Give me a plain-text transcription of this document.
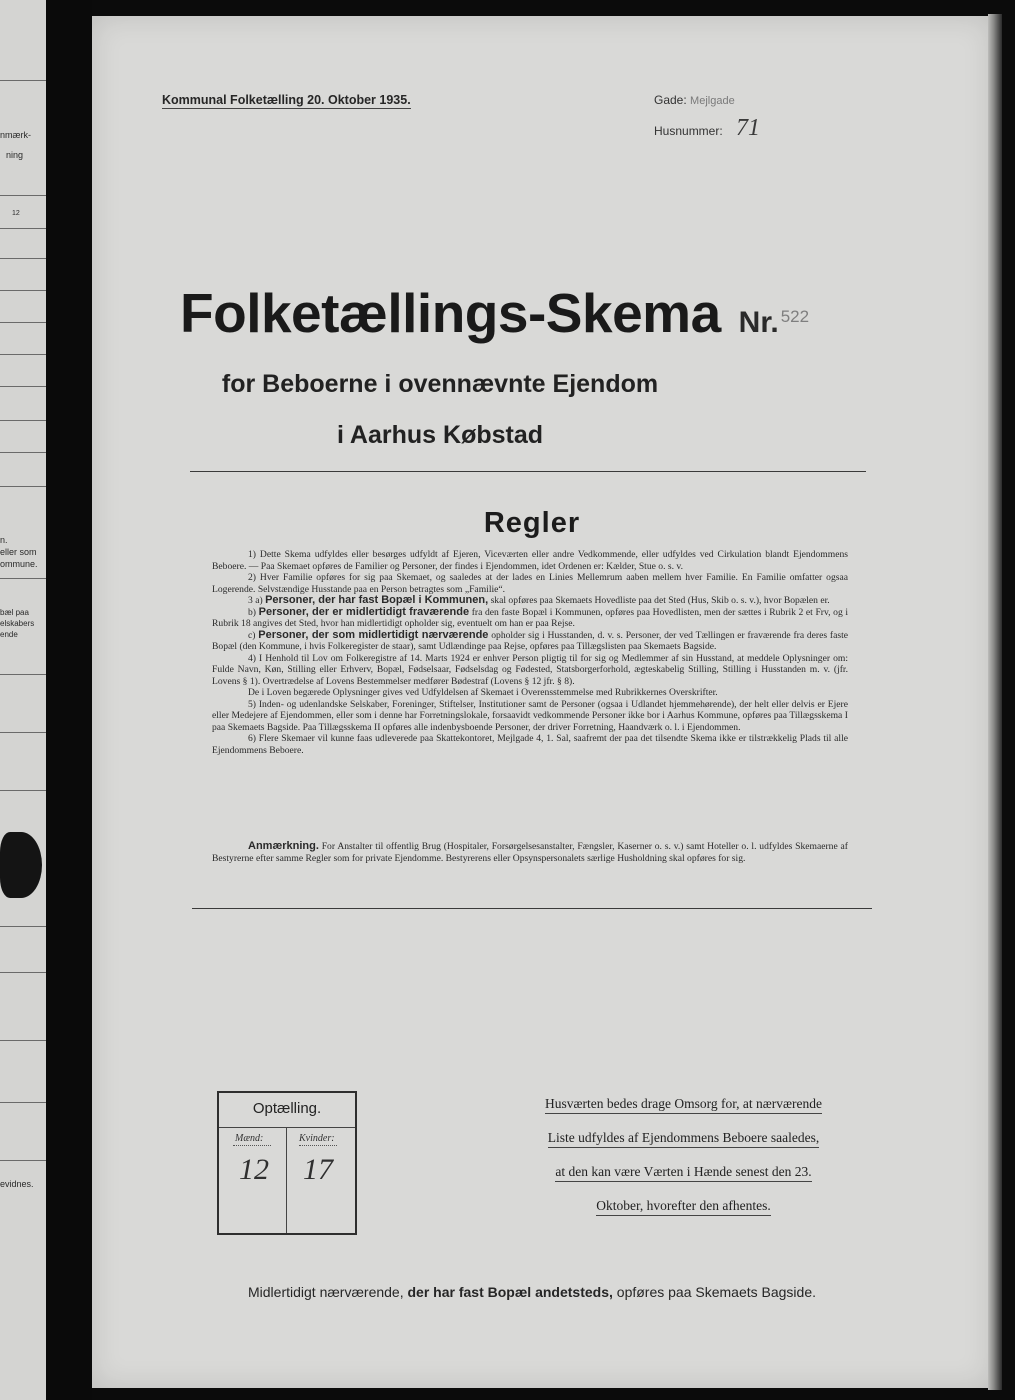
nmærk-
ning
12
n.
eller som
ommune.
bæl paa
elskabers
ende
evidnes.
Kommunal Folketælling 20. Oktober 1935.	Gade: Mejlgade
Husnummer: 71
Folketællings-Skema Nr. 522
for Beboerne i ovennævnte Ejendom
i Aarhus Købstad
Regler

1) Dette Skema udfyldes eller besørges udfyldt af Ejeren, Viceværten eller andre Vedkommende, eller udfyldes ved Cirkulation blandt Ejendommens Beboere. — Paa Skemaet opføres de Familier og Personer, der findes i Ejendommen, idet Ordenen er: Kælder, Stue o. s. v.

2) Hver Familie opføres for sig paa Skemaet, og saaledes at der lades en Linies Mellemrum aaben mellem hver Familie. En Familie omfatter ogsaa Logerende. Selvstændige Husstande paa en Person betragtes som „Familie“.

3 a) Personer, der har fast Bopæl i Kommunen, skal opføres paa Skemaets Hovedliste paa det Sted (Hus, Skib o. s. v.), hvor Bopælen er.

b) Personer, der er midlertidigt fraværende fra den faste Bopæl i Kommunen, opføres paa Hovedlisten, men der sættes i Rubrik 2 et Frv, og i Rubrik 18 angives det Sted, hvor han midlertidigt opholder sig, eventuelt om han er paa Rejse.

c) Personer, der som midlertidigt nærværende opholder sig i Husstanden, d. v. s. Personer, der ved Tællingen er fraværende fra deres faste Bopæl (den Kommune, i hvis Folkeregister de staar), samt Udlændinge paa Rejse, opføres paa Tillægslisten paa Skemaets Bagside.

4) I Henhold til Lov om Folkeregistre af 14. Marts 1924 er enhver Person pligtig til for sig og Medlemmer af sin Husstand, at meddele Oplysninger om: Fulde Navn, Køn, Stilling eller Erhverv, Bopæl, Fødselsaar, Fødselsdag og Fødested, Statsborgerforhold, ægteskabelig Stilling, Stilling i Husstanden m. v. (jfr. Lovens § 1). Overtrædelse af Lovens Bestemmelser medfører Bødestraf (Lovens § 12 jfr. § 8).

De i Loven begærede Oplysninger gives ved Udfyldelsen af Skemaet i Overensstemmelse med Rubrikkernes Overskrifter.

5) Inden- og udenlandske Selskaber, Foreninger, Stiftelser, Institutioner samt de Personer (ogsaa i Udlandet hjemmehørende), der helt eller delvis er Ejere eller Medejere af Ejendommen, eller som i denne har Forretningslokale, forsaavidt vedkommende Personer ikke bor i Aarhus Kommune, opføres paa Tillægsskema I paa Skemaets Bagside. Paa Tillægsskema II opføres alle indenbysboende Personer, der driver Forretning, Haandværk o. l. i Ejendommen.

6) Flere Skemaer vil kunne faas udleverede paa Skattekontoret, Mejlgade 4, 1. Sal, saafremt der paa det tilsendte Skema ikke er tilstrækkelig Plads til alle Ejendommens Beboere.

Anmærkning. For Anstalter til offentlig Brug (Hospitaler, Forsørgelsesanstalter, Fængsler, Kaserner o. s. v.) samt Hoteller o. l. udfyldes Skemaerne af Bestyrerne efter samme Regler som for private Ejendomme. Bestyrerens eller Opsynspersonalets særlige Husholdning skal opføres for sig.
Optælling.
Mænd:	Kvinder:
12 17
Husværten bedes drage Omsorg for, at nærværende
Liste udfyldes af Ejendommens Beboere saaledes,
at den kan være Værten i Hænde senest den 23.
Oktober, hvorefter den afhentes.
Midlertidigt nærværende, der har fast Bopæl andetsteds, opføres paa Skemaets Bagside.
